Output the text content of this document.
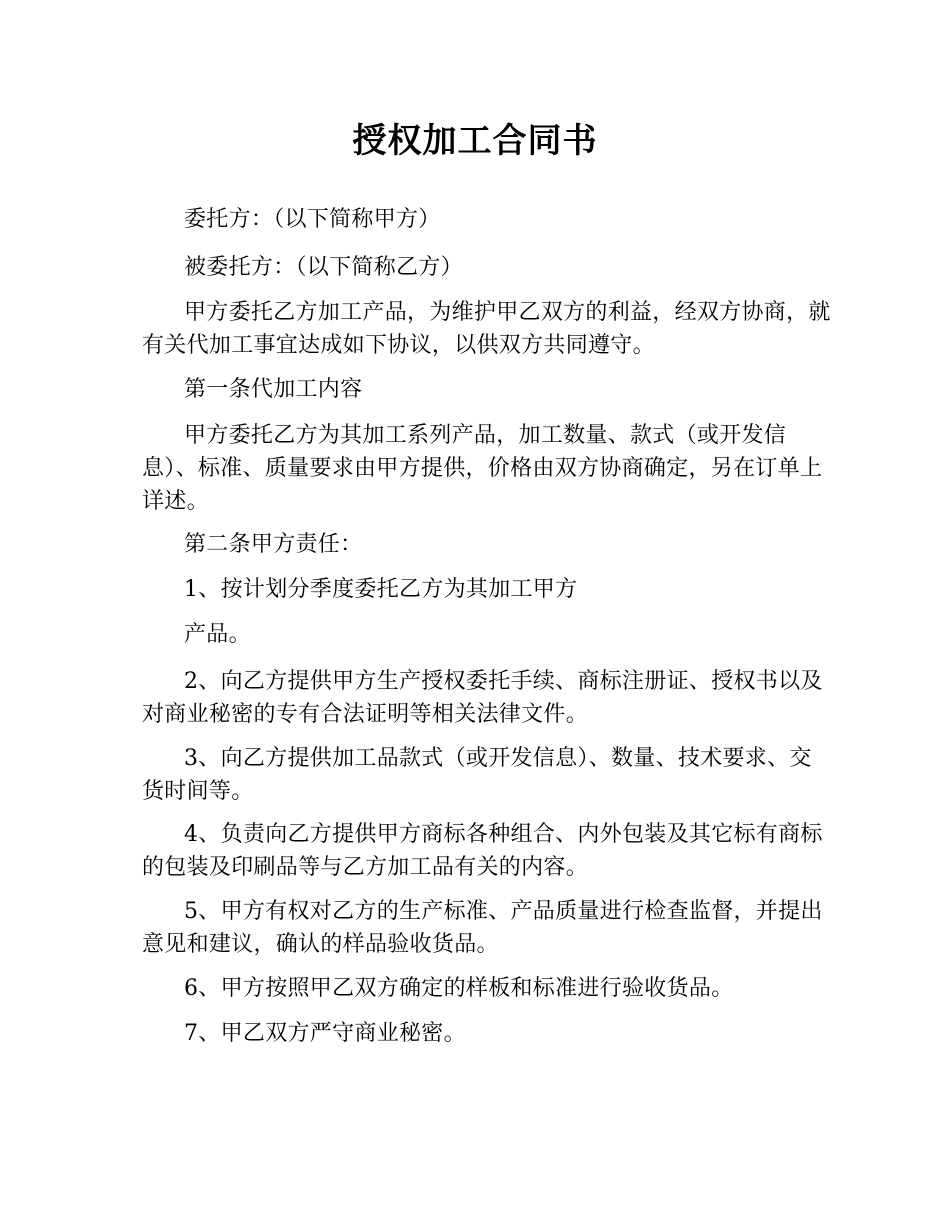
授权加工合同书

委托方：（以下简称甲方）

被委托方：（以下简称乙方）

甲方委托乙方加工产品，为维护甲乙双方的利益，经双方协商，就有关代加工事宜达成如下协议，以供双方共同遵守。

第一条代加工内容

甲方委托乙方为其加工系列产品，加工数量、款式（或开发信息）、标准、质量要求由甲方提供，价格由双方协商确定，另在订单上详述。

第二条甲方责任：

1、按计划分季度委托乙方为其加工甲方

产品。

2、向乙方提供甲方生产授权委托手续、商标注册证、授权书以及对商业秘密的专有合法证明等相关法律文件。

3、向乙方提供加工品款式（或开发信息）、数量、技术要求、交货时间等。

4、负责向乙方提供甲方商标各种组合、内外包装及其它标有商标的包装及印刷品等与乙方加工品有关的内容。

5、甲方有权对乙方的生产标准、产品质量进行检查监督，并提出意见和建议，确认的样品验收货品。

6、甲方按照甲乙双方确定的样板和标准进行验收货品。

7、甲乙双方严守商业秘密。
